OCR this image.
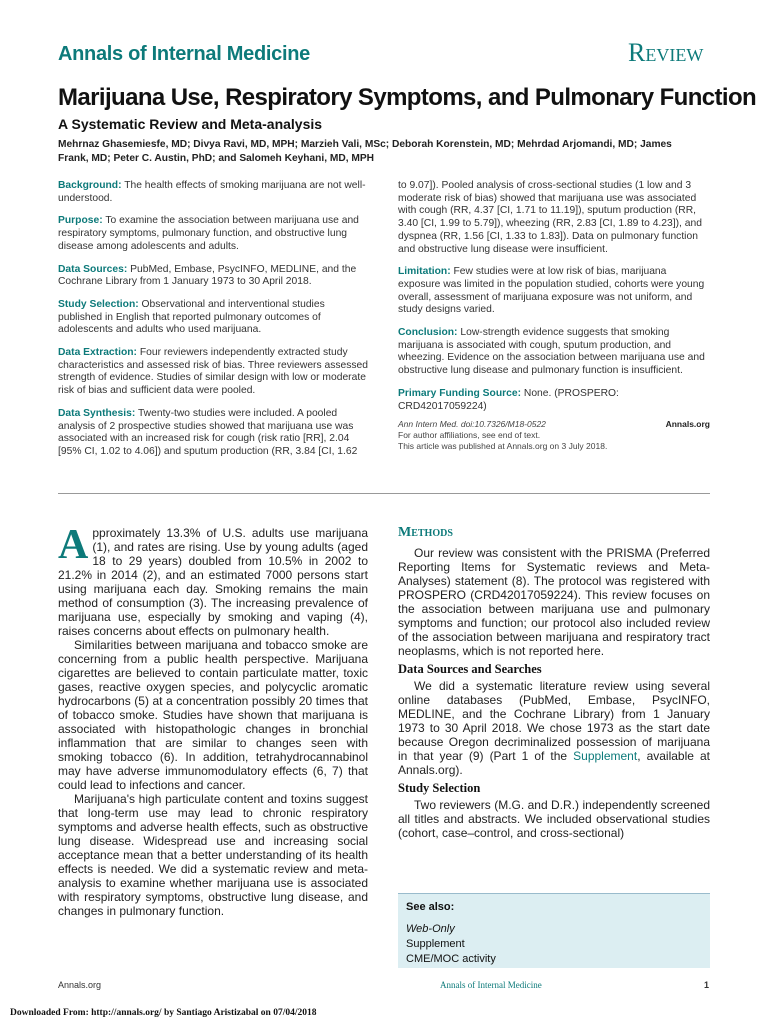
Annals of Internal Medicine	Review
Marijuana Use, Respiratory Symptoms, and Pulmonary Function
A Systematic Review and Meta-analysis
Mehrnaz Ghasemiesfe, MD; Divya Ravi, MD, MPH; Marzieh Vali, MSc; Deborah Korenstein, MD; Mehrdad Arjomandi, MD; James Frank, MD; Peter C. Austin, PhD; and Salomeh Keyhani, MD, MPH

Background: The health effects of smoking marijuana are not well-understood.

Purpose: To examine the association between marijuana use and respiratory symptoms, pulmonary function, and obstructive lung disease among adolescents and adults.

Data Sources: PubMed, Embase, PsycINFO, MEDLINE, and the Cochrane Library from 1 January 1973 to 30 April 2018.

Study Selection: Observational and interventional studies published in English that reported pulmonary outcomes of adolescents and adults who used marijuana.

Data Extraction: Four reviewers independently extracted study characteristics and assessed risk of bias. Three reviewers assessed strength of evidence. Studies of similar design with low or moderate risk of bias and sufficient data were pooled.

Data Synthesis: Twenty-two studies were included. A pooled analysis of 2 prospective studies showed that marijuana use was associated with an increased risk for cough (risk ratio [RR], 2.04 [95% CI, 1.02 to 4.06]) and sputum production (RR, 3.84 [CI, 1.62

to 9.07]). Pooled analysis of cross-sectional studies (1 low and 3 moderate risk of bias) showed that marijuana use was associated with cough (RR, 4.37 [CI, 1.71 to 11.19]), sputum production (RR, 3.40 [CI, 1.99 to 5.79]), wheezing (RR, 2.83 [CI, 1.89 to 4.23]), and dyspnea (RR, 1.56 [CI, 1.33 to 1.83]). Data on pulmonary function and obstructive lung disease were insufficient.

Limitation: Few studies were at low risk of bias, marijuana exposure was limited in the population studied, cohorts were young overall, assessment of marijuana exposure was not uniform, and study designs varied.

Conclusion: Low-strength evidence suggests that smoking marijuana is associated with cough, sputum production, and wheezing. Evidence on the association between marijuana use and obstructive lung disease and pulmonary function is insufficient.

Primary Funding Source: None. (PROSPERO: CRD42017059224)

Ann Intern Med. doi:10.7326/M18-0522	Annals.org
For author affiliations, see end of text.
This article was published at Annals.org on 3 July 2018.

Approximately 13.3% of U.S. adults use marijuana (1), and rates are rising. Use by young adults (aged 18 to 29 years) doubled from 10.5% in 2002 to 21.2% in 2014 (2), and an estimated 7000 persons start using marijuana each day. Smoking remains the main method of consumption (3). The increasing prevalence of marijuana use, especially by smoking and vaping (4), raises concerns about effects on pulmonary health.

Similarities between marijuana and tobacco smoke are concerning from a public health perspective. Marijuana cigarettes are believed to contain particulate matter, toxic gases, reactive oxygen species, and polycyclic aromatic hydrocarbons (5) at a concentration possibly 20 times that of tobacco smoke. Studies have shown that marijuana is associated with histopathologic changes in bronchial inflammation that are similar to changes seen with smoking tobacco (6). In addition, tetrahydrocannabinol may have adverse immunomodulatory effects (6, 7) that could lead to infections and cancer.

Marijuana's high particulate content and toxins suggest that long-term use may lead to chronic respiratory symptoms and adverse health effects, such as obstructive lung disease. Widespread use and increasing social acceptance mean that a better understanding of its health effects is needed. We did a systematic review and meta-analysis to examine whether marijuana use is associated with respiratory symptoms, obstructive lung disease, and changes in pulmonary function.

Methods

Our review was consistent with the PRISMA (Preferred Reporting Items for Systematic reviews and Meta-Analyses) statement (8). The protocol was registered with PROSPERO (CRD42017059224). This review focuses on the association between marijuana use and pulmonary symptoms and function; our protocol also included review of the association between marijuana and respiratory tract neoplasms, which is not reported here.

Data Sources and Searches

We did a systematic literature review using several online databases (PubMed, Embase, PsycINFO, MEDLINE, and the Cochrane Library) from 1 January 1973 to 30 April 2018. We chose 1973 as the start date because Oregon decriminalized possession of marijuana in that year (9) (Part 1 of the Supplement, available at Annals.org).

Study Selection

Two reviewers (M.G. and D.R.) independently screened all titles and abstracts. We included observational studies (cohort, case–control, and cross-sectional)

See also:
Web-Only
Supplement
CME/MOC activity
Annals.org	Annals of Internal Medicine	1
Downloaded From: http://annals.org/ by Santiago Aristizabal on 07/04/2018
